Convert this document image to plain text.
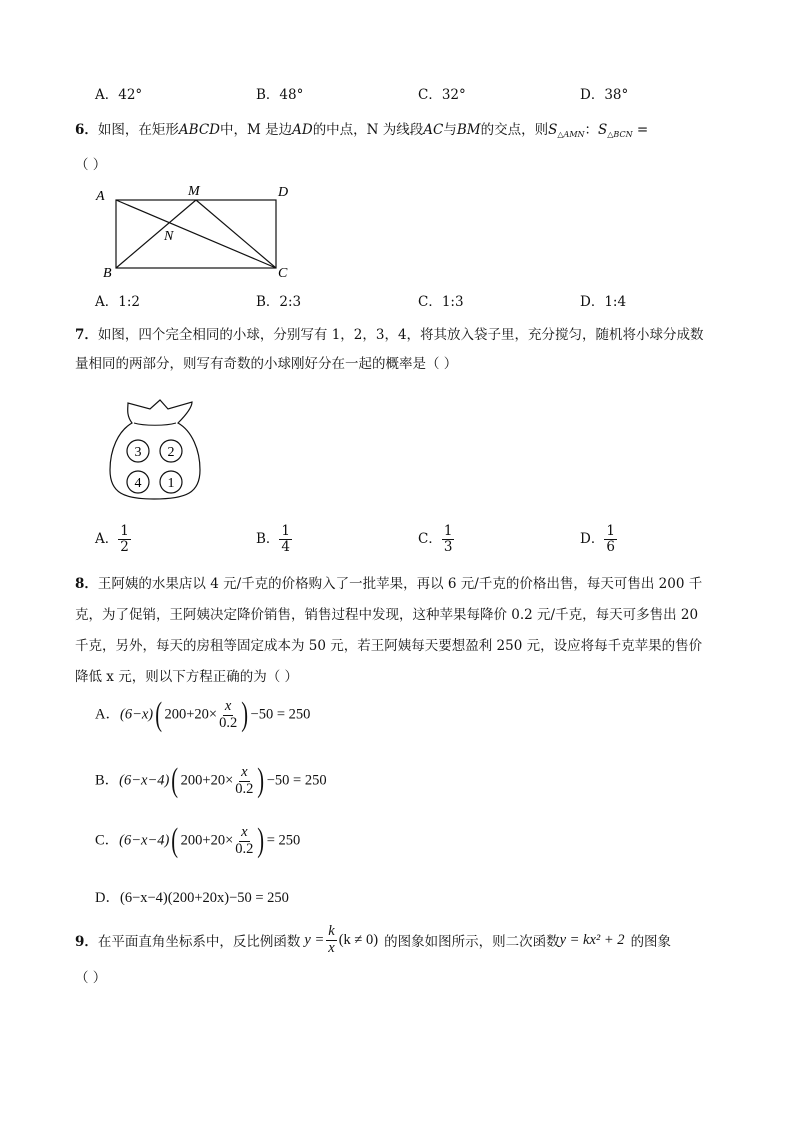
A．42°	B．48°	C．32°	D．38°
6．如图，在矩形ABCD中，M 是边AD的中点，N 为线段AC与BM的交点，则$S_{\triangle AMN}$：$S_{\triangle BCN}$ =
（ ）
A	M	D
N
B	C
A．1:2	B．2:3	C．1:3	D．1:4
7．如图，四个完全相同的小球，分别写有 1，2，3，4，将其放入袋子里，充分搅匀，随机将小球分成数
量相同的两部分，则写有奇数的小球刚好分在一起的概率是（ ）
3 2
4 1
A． $\frac{1}{2}$	B． $\frac{1}{4}$	C． $\frac{1}{3}$	D． $\frac{1}{6}$
8．王阿姨的水果店以 4 元/千克的价格购入了一批苹果，再以 6 元/千克的价格出售，每天可售出 200 千
克，为了促销，王阿姨决定降价销售，销售过程中发现，这种苹果每降价 0.2 元/千克，每天可多售出 20
千克，另外，每天的房租等固定成本为 50 元，若王阿姨每天要想盈利 250 元，设应将每千克苹果的售价
降低 x 元，则以下方程正确的为（ ）
A．(6−x)( $200+20\times \frac{x}{0.2}$ ) −50 = 250
B．(6−x−4)( $200+20\times \frac{x}{0.2}$ ) −50 = 250
C．(6−x−4)( $200+20\times \frac{x}{0.2}$ ) = 250
D．(6−x−4)(200+20x)−50 = 250
9． 在平面直角坐标系中，反比例函数 $y = \frac{k}{x} (k \ne 0)$ 的图象如图所示，则二次函数 y = kx² + 2 的图象
（ ）
